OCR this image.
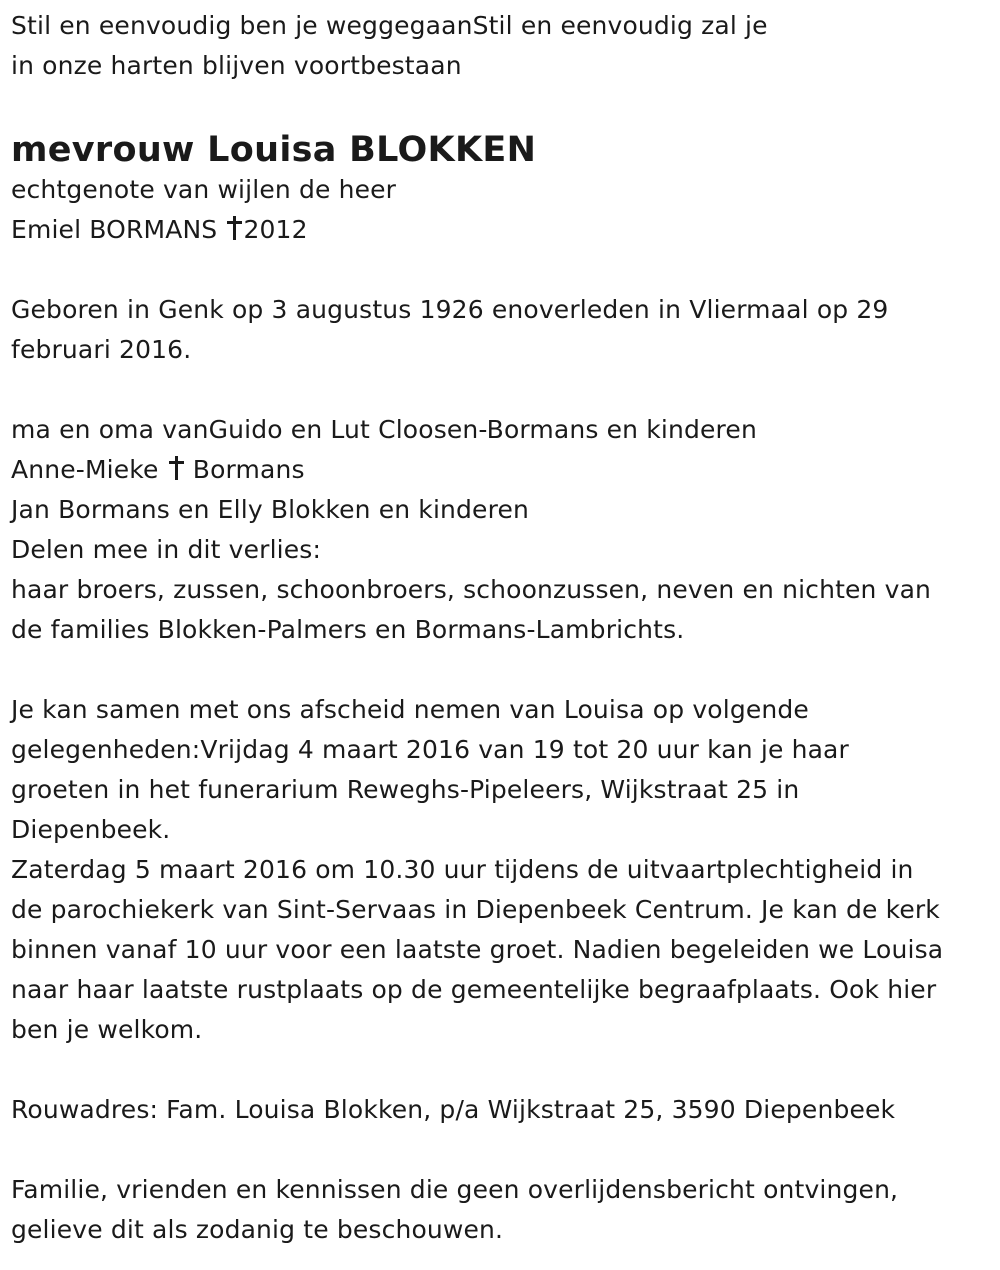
Stil en eenvoudig ben je weggegaanStil en eenvoudig zal je
in onze harten blijven voortbestaan
mevrouw Louisa BLOKKEN
echtgenote van wijlen de heer
Emiel BORMANS 2012
Geboren in Genk op 3 augustus 1926 enoverleden in Vliermaal op 29
februari 2016.
ma en oma vanGuido en Lut Cloosen-Bormans en kinderen
Anne-Mieke Bormans
Jan Bormans en Elly Blokken en kinderen
Delen mee in dit verlies:
haar broers, zussen, schoonbroers, schoonzussen, neven en nichten van
de families Blokken-Palmers en Bormans-Lambrichts.
Je kan samen met ons afscheid nemen van Louisa op volgende
gelegenheden:Vrijdag 4 maart 2016 van 19 tot 20 uur kan je haar
groeten in het funerarium Reweghs-Pipeleers, Wijkstraat 25 in
Diepenbeek.
Zaterdag 5 maart 2016 om 10.30 uur tijdens de uitvaartplechtigheid in
de parochiekerk van Sint-Servaas in Diepenbeek Centrum. Je kan de kerk
binnen vanaf 10 uur voor een laatste groet. Nadien begeleiden we Louisa
naar haar laatste rustplaats op de gemeentelijke begraafplaats. Ook hier
ben je welkom.
Rouwadres: Fam. Louisa Blokken, p/a Wijkstraat 25, 3590 Diepenbeek
Familie, vrienden en kennissen die geen overlijdensbericht ontvingen,
gelieve dit als zodanig te beschouwen.
